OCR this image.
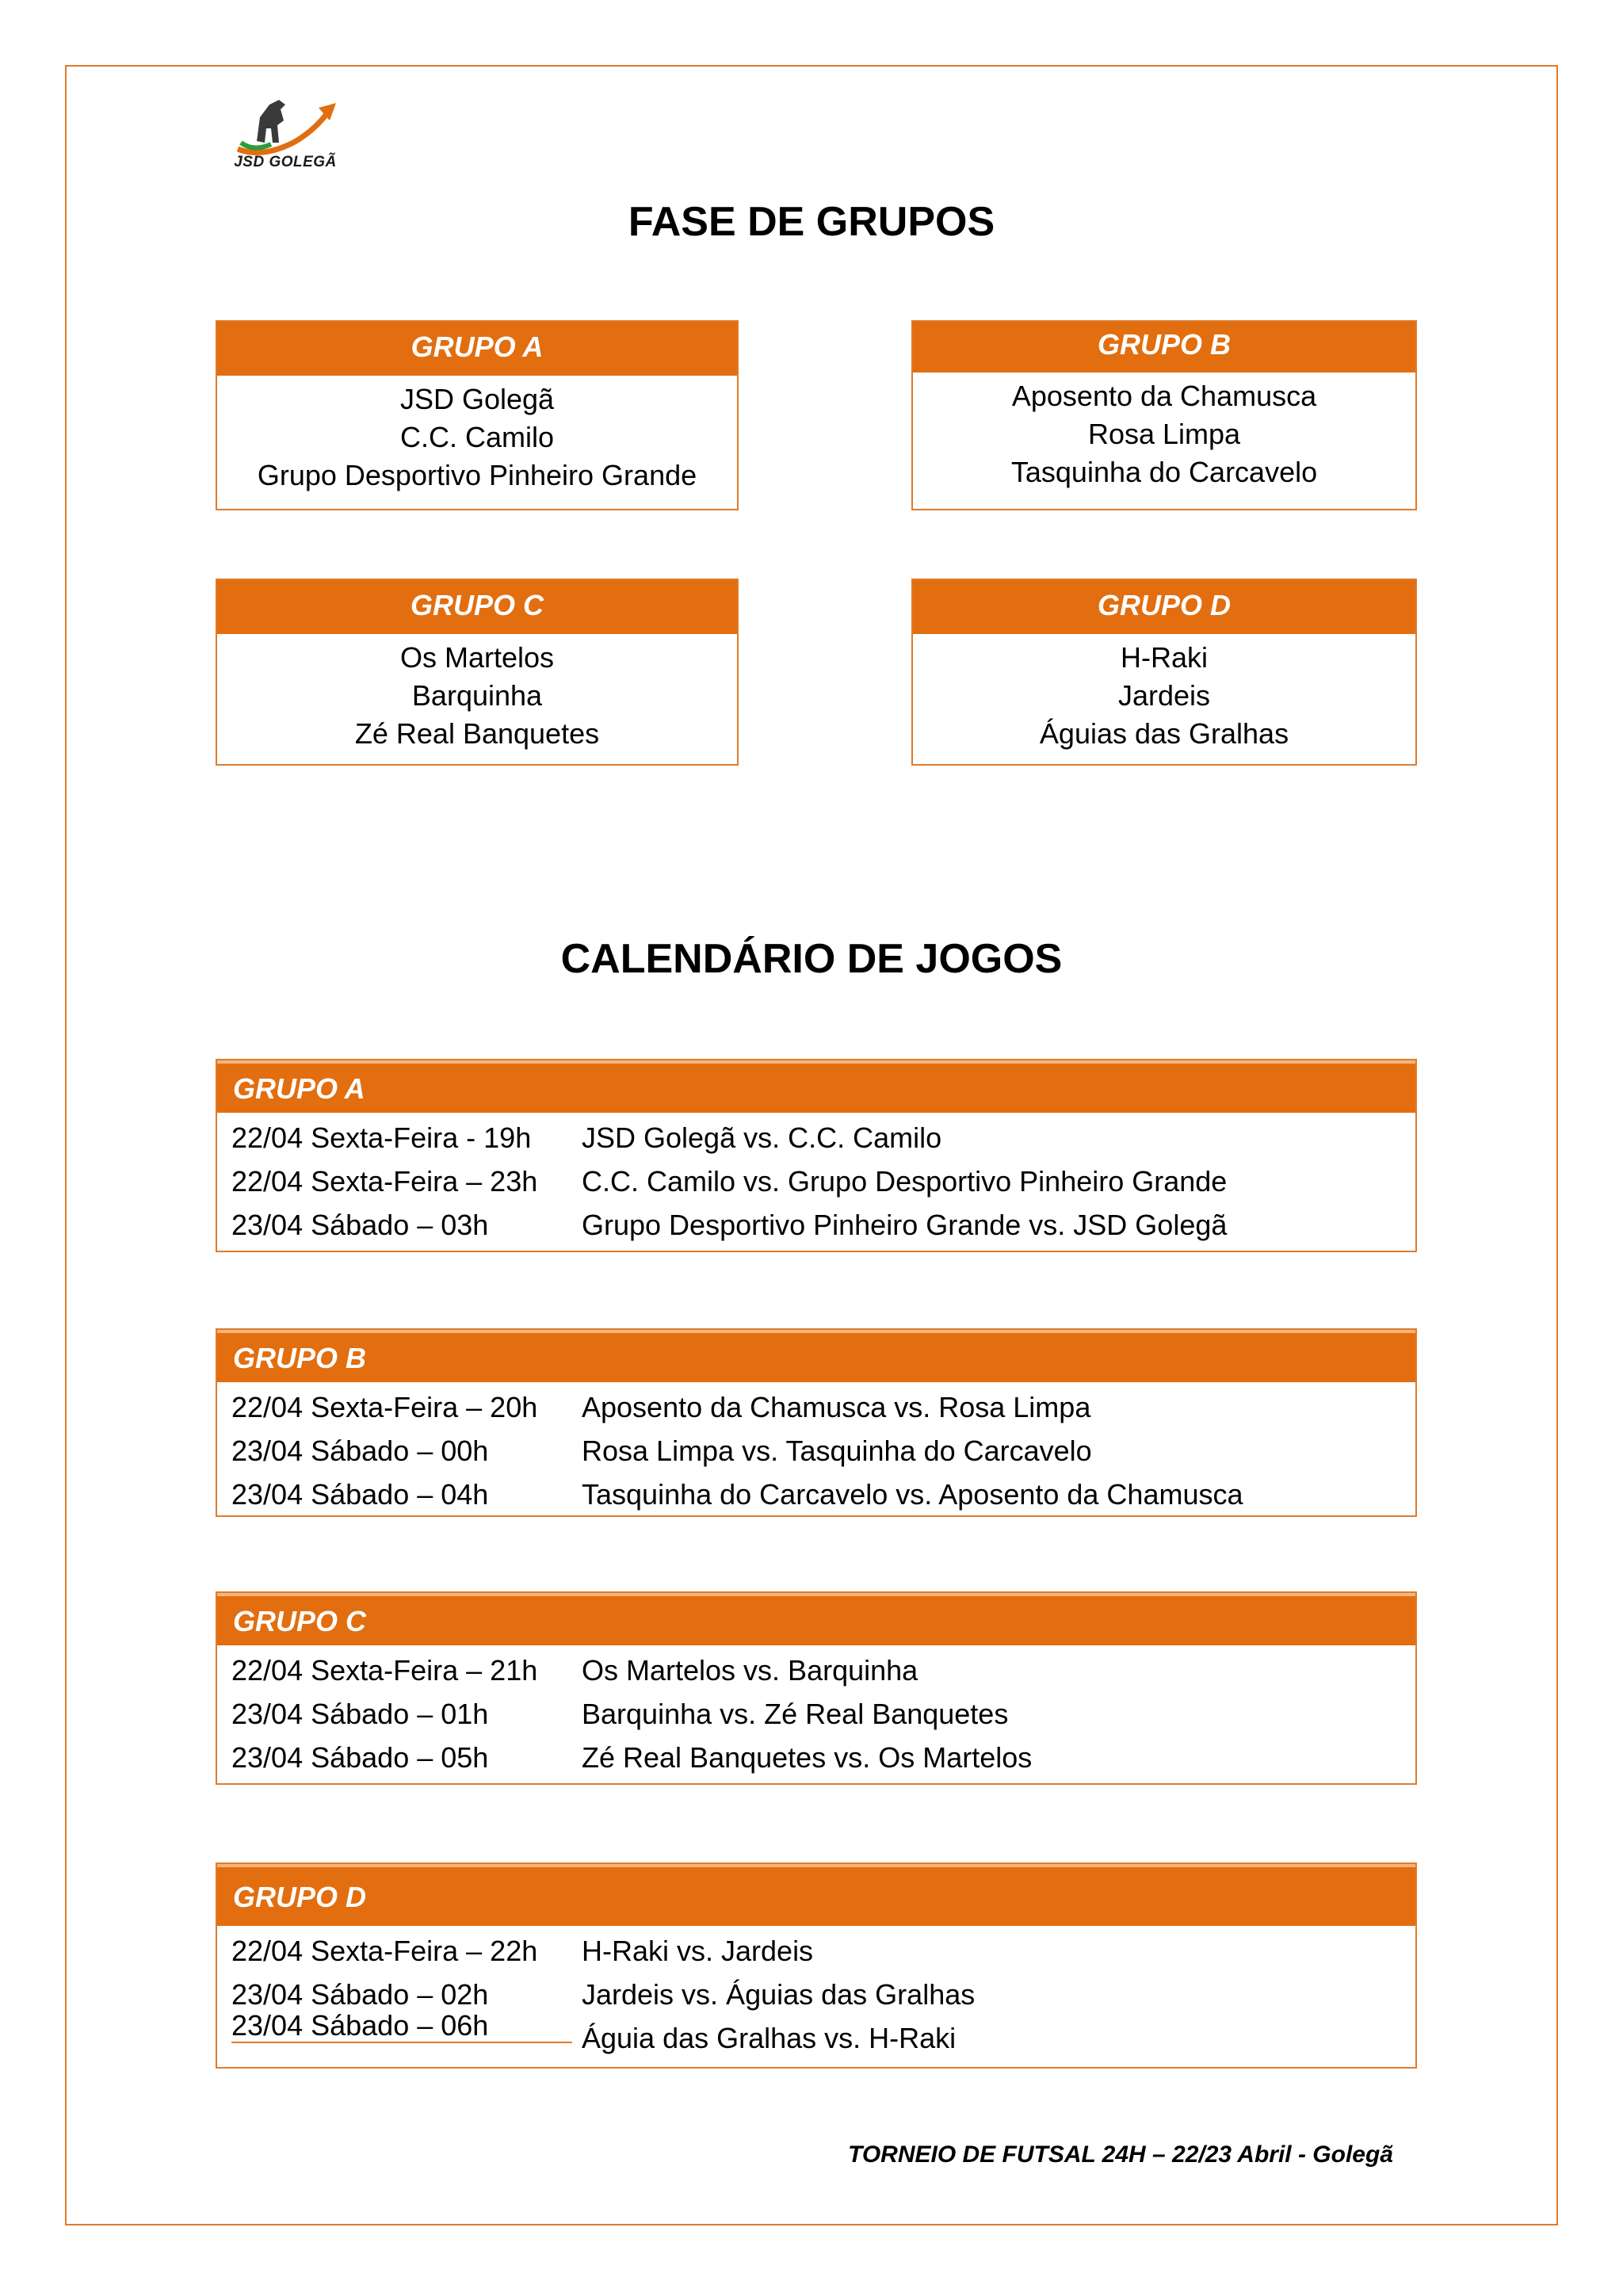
JSD GOLEGÃ
FASE DE GRUPOS
GRUPO A
JSD Golegã
C.C. Camilo
Grupo Desportivo Pinheiro Grande
GRUPO B
Aposento da Chamusca
Rosa Limpa
Tasquinha do Carcavelo
GRUPO C
Os Martelos
Barquinha
Zé Real Banquetes
GRUPO D
H-Raki
Jardeis
Águias das Gralhas
CALENDÁRIO DE JOGOS
GRUPO A
22/04 Sexta-Feira - 19h	JSD Golegã vs. C.C. Camilo
22/04 Sexta-Feira – 23h	C.C. Camilo vs. Grupo Desportivo Pinheiro Grande
23/04 Sábado – 03h	Grupo Desportivo Pinheiro Grande vs. JSD Golegã
GRUPO B
22/04 Sexta-Feira – 20h	Aposento da Chamusca vs. Rosa Limpa
23/04 Sábado – 00h	Rosa Limpa vs. Tasquinha do Carcavelo
23/04 Sábado – 04h	Tasquinha do Carcavelo vs. Aposento da Chamusca
GRUPO C
22/04 Sexta-Feira – 21h	Os Martelos vs. Barquinha
23/04 Sábado – 01h	Barquinha vs. Zé Real Banquetes
23/04 Sábado – 05h	Zé Real Banquetes vs. Os Martelos
GRUPO D
22/04 Sexta-Feira – 22h	H-Raki vs. Jardeis
23/04 Sábado – 02h	Jardeis vs. Águias das Gralhas
23/04 Sábado – 06h	Águia das Gralhas vs. H-Raki
TORNEIO DE FUTSAL 24H – 22/23 Abril - Golegã
